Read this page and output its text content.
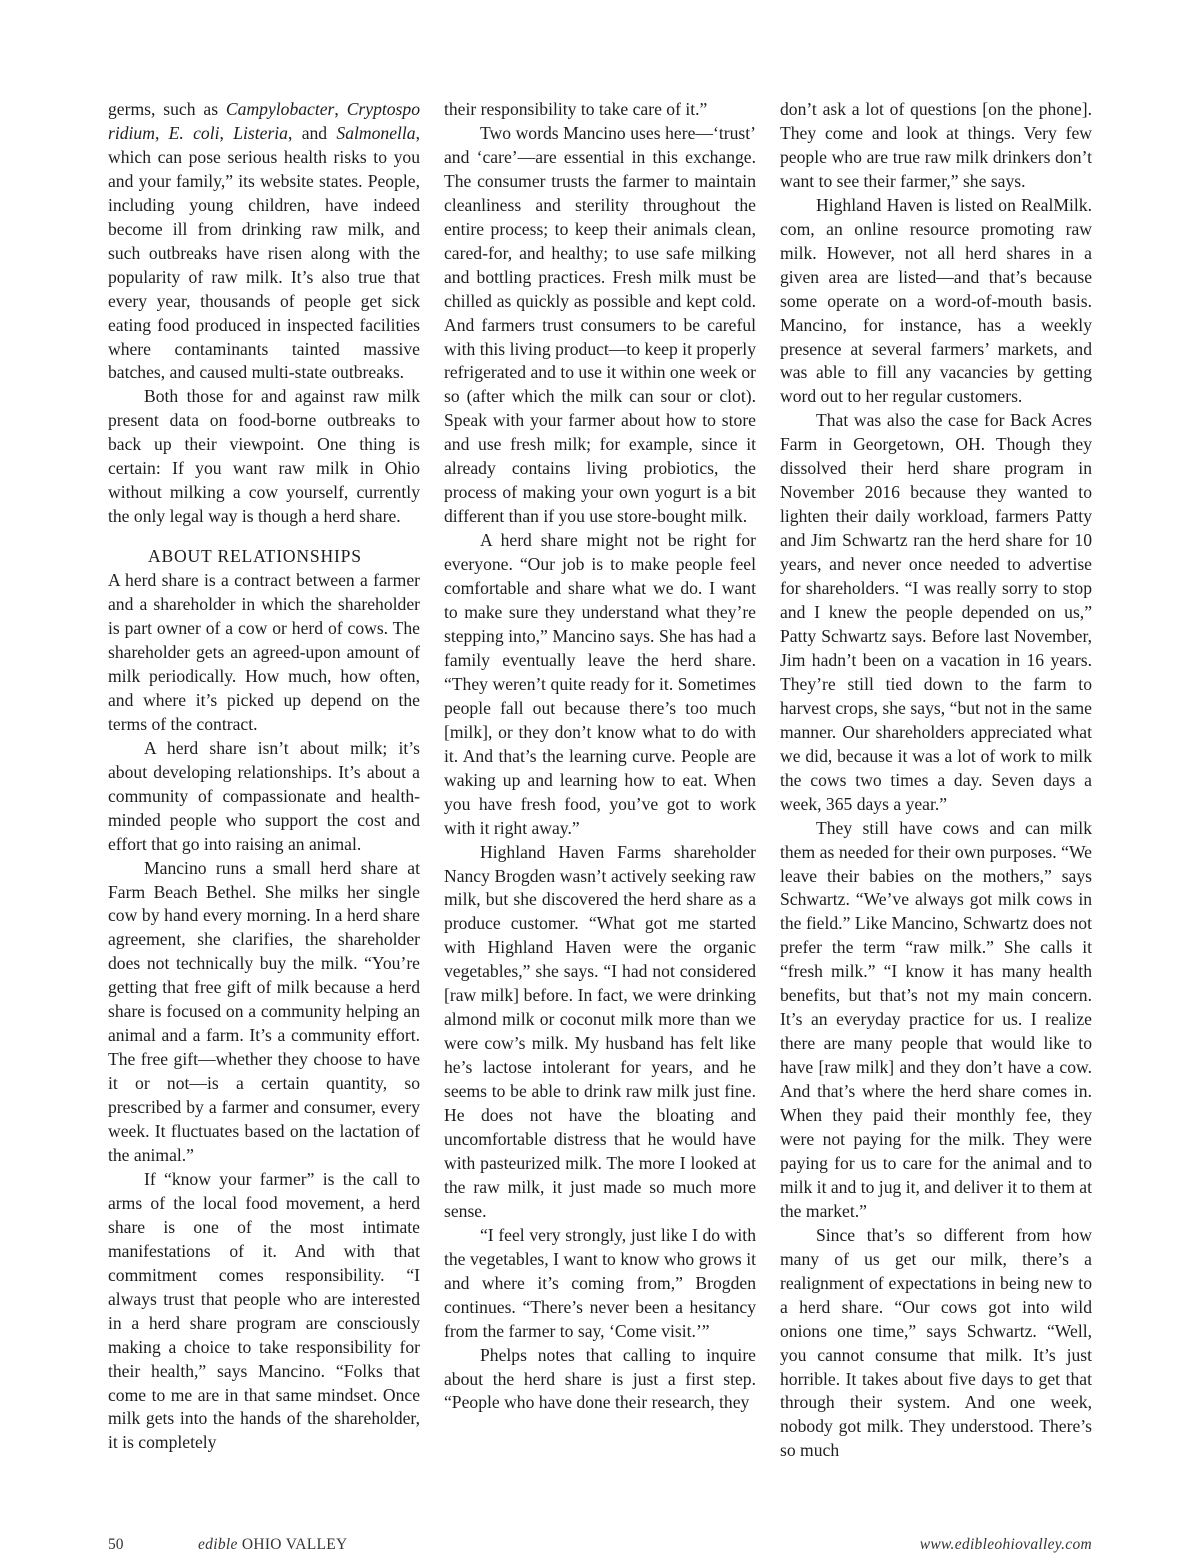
germs, such as Campylobacter, Cryptospo ridium, E. coli, Listeria, and Salmonella, which can pose serious health risks to you and your family,” its website states. People, including young children, have indeed become ill from drinking raw milk, and such outbreaks have risen along with the popularity of raw milk. It’s also true that every year, thousands of people get sick eating food produced in inspected facilities where contaminants tainted massive batches, and caused multi-state outbreaks.

Both those for and against raw milk present data on food-borne outbreaks to back up their viewpoint. One thing is certain: If you want raw milk in Ohio without milking a cow yourself, currently the only legal way is though a herd share.

ABOUT RELATIONSHIPS

A herd share is a contract between a farmer and a shareholder in which the shareholder is part owner of a cow or herd of cows. The shareholder gets an agreed-upon amount of milk periodically. How much, how often, and where it’s picked up depend on the terms of the contract.

A herd share isn’t about milk; it’s about developing relationships. It’s about a community of compassionate and health-minded people who support the cost and effort that go into raising an animal.

Mancino runs a small herd share at Farm Beach Bethel. She milks her single cow by hand every morning. In a herd share agreement, she clarifies, the shareholder does not technically buy the milk. “You’re getting that free gift of milk because a herd share is focused on a community helping an animal and a farm. It’s a community effort. The free gift—whether they choose to have it or not—is a certain quantity, so prescribed by a farmer and consumer, every week. It fluctuates based on the lactation of the animal.”

If “know your farmer” is the call to arms of the local food movement, a herd share is one of the most intimate manifestations of it. And with that commitment comes responsibility. “I always trust that people who are interested in a herd share program are consciously making a choice to take responsibility for their health,” says Mancino. “Folks that come to me are in that same mindset. Once milk gets into the hands of the shareholder, it is completely

their responsibility to take care of it.”

Two words Mancino uses here—‘trust’ and ‘care’—are essential in this exchange. The consumer trusts the farmer to maintain cleanliness and sterility throughout the entire process; to keep their animals clean, cared-for, and healthy; to use safe milking and bottling practices. Fresh milk must be chilled as quickly as possible and kept cold. And farmers trust consumers to be careful with this living product—to keep it properly refrigerated and to use it within one week or so (after which the milk can sour or clot). Speak with your farmer about how to store and use fresh milk; for example, since it already contains living probiotics, the process of making your own yogurt is a bit different than if you use store-bought milk.

A herd share might not be right for everyone. “Our job is to make people feel comfortable and share what we do. I want to make sure they understand what they’re stepping into,” Mancino says. She has had a family eventually leave the herd share. “They weren’t quite ready for it. Sometimes people fall out because there’s too much [milk], or they don’t know what to do with it. And that’s the learning curve. People are waking up and learning how to eat. When you have fresh food, you’ve got to work with it right away.”

Highland Haven Farms shareholder Nancy Brogden wasn’t actively seeking raw milk, but she discovered the herd share as a produce customer. “What got me started with Highland Haven were the organic vegetables,” she says. “I had not considered [raw milk] before. In fact, we were drinking almond milk or coconut milk more than we were cow’s milk. My husband has felt like he’s lactose intolerant for years, and he seems to be able to drink raw milk just fine. He does not have the bloating and uncomfortable distress that he would have with pasteurized milk. The more I looked at the raw milk, it just made so much more sense.

“I feel very strongly, just like I do with the vegetables, I want to know who grows it and where it’s coming from,” Brogden continues. “There’s never been a hesitancy from the farmer to say, ‘Come visit.’”

Phelps notes that calling to inquire about the herd share is just a first step. “People who have done their research, they

don’t ask a lot of questions [on the phone]. They come and look at things. Very few people who are true raw milk drinkers don’t want to see their farmer,” she says.

Highland Haven is listed on RealMilk. com, an online resource promoting raw milk. However, not all herd shares in a given area are listed—and that’s because some operate on a word-of-mouth basis. Mancino, for instance, has a weekly presence at several farmers’ markets, and was able to fill any vacancies by getting word out to her regular customers.

That was also the case for Back Acres Farm in Georgetown, OH. Though they dissolved their herd share program in November 2016 because they wanted to lighten their daily workload, farmers Patty and Jim Schwartz ran the herd share for 10 years, and never once needed to advertise for shareholders. “I was really sorry to stop and I knew the people depended on us,” Patty Schwartz says. Before last November, Jim hadn’t been on a vacation in 16 years. They’re still tied down to the farm to harvest crops, she says, “but not in the same manner. Our shareholders appreciated what we did, because it was a lot of work to milk the cows two times a day. Seven days a week, 365 days a year.”

They still have cows and can milk them as needed for their own purposes. “We leave their babies on the mothers,” says Schwartz. “We’ve always got milk cows in the field.” Like Mancino, Schwartz does not prefer the term “raw milk.” She calls it “fresh milk.” “I know it has many health benefits, but that’s not my main concern. It’s an everyday practice for us. I realize there are many people that would like to have [raw milk] and they don’t have a cow. And that’s where the herd share comes in. When they paid their monthly fee, they were not paying for the milk. They were paying for us to care for the animal and to milk it and to jug it, and deliver it to them at the market.”

Since that’s so different from how many of us get our milk, there’s a realignment of expectations in being new to a herd share. “Our cows got into wild onions one time,” says Schwartz. “Well, you cannot consume that milk. It’s just horrible. It takes about five days to get that through their system. And one week, nobody got milk. They understood. There’s so much

50	edible OHIO VALLEY	www.edibleohiovalley.com
